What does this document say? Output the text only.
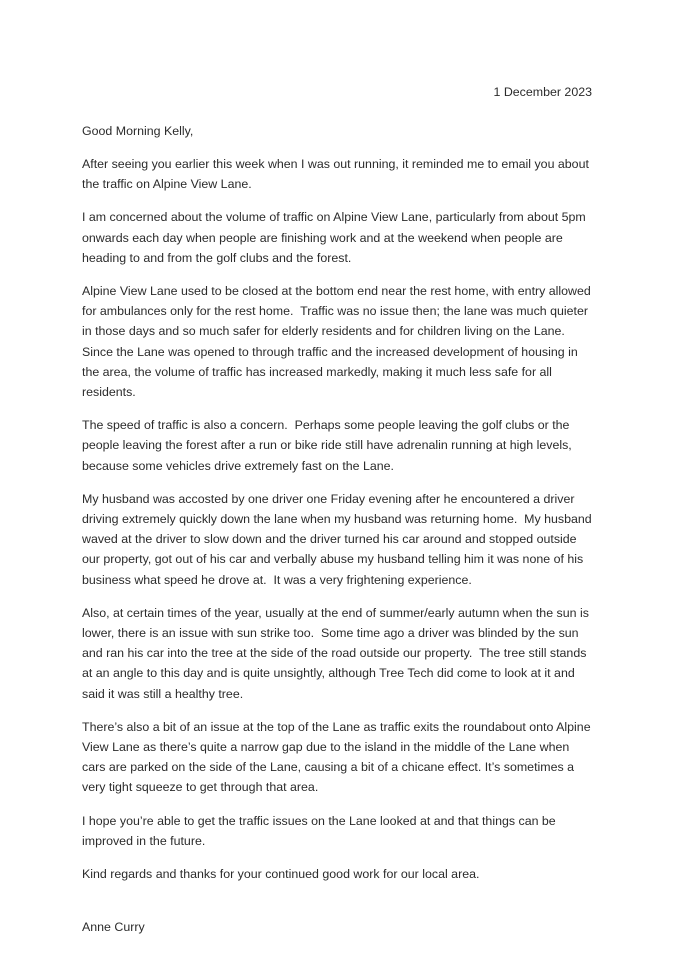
1 December 2023
Good Morning Kelly,

After seeing you earlier this week when I was out running, it reminded me to email you about the traffic on Alpine View Lane.

I am concerned about the volume of traffic on Alpine View Lane, particularly from about 5pm onwards each day when people are finishing work and at the weekend when people are heading to and from the golf clubs and the forest.

Alpine View Lane used to be closed at the bottom end near the rest home, with entry allowed for ambulances only for the rest home.  Traffic was no issue then; the lane was much quieter in those days and so much safer for elderly residents and for children living on the Lane.  Since the Lane was opened to through traffic and the increased development of housing in the area, the volume of traffic has increased markedly, making it much less safe for all residents.

The speed of traffic is also a concern.  Perhaps some people leaving the golf clubs or the people leaving the forest after a run or bike ride still have adrenalin running at high levels, because some vehicles drive extremely fast on the Lane.

My husband was accosted by one driver one Friday evening after he encountered a driver driving extremely quickly down the lane when my husband was returning home.  My husband waved at the driver to slow down and the driver turned his car around and stopped outside our property, got out of his car and verbally abuse my husband telling him it was none of his business what speed he drove at.  It was a very frightening experience.

Also, at certain times of the year, usually at the end of summer/early autumn when the sun is lower, there is an issue with sun strike too.  Some time ago a driver was blinded by the sun and ran his car into the tree at the side of the road outside our property.  The tree still stands at an angle to this day and is quite unsightly, although Tree Tech did come to look at it and said it was still a healthy tree.

There’s also a bit of an issue at the top of the Lane as traffic exits the roundabout onto Alpine View Lane as there’s quite a narrow gap due to the island in the middle of the Lane when cars are parked on the side of the Lane, causing a bit of a chicane effect. It’s sometimes a very tight squeeze to get through that area.

I hope you’re able to get the traffic issues on the Lane looked at and that things can be improved in the future.

Kind regards and thanks for your continued good work for our local area.

Anne Curry
